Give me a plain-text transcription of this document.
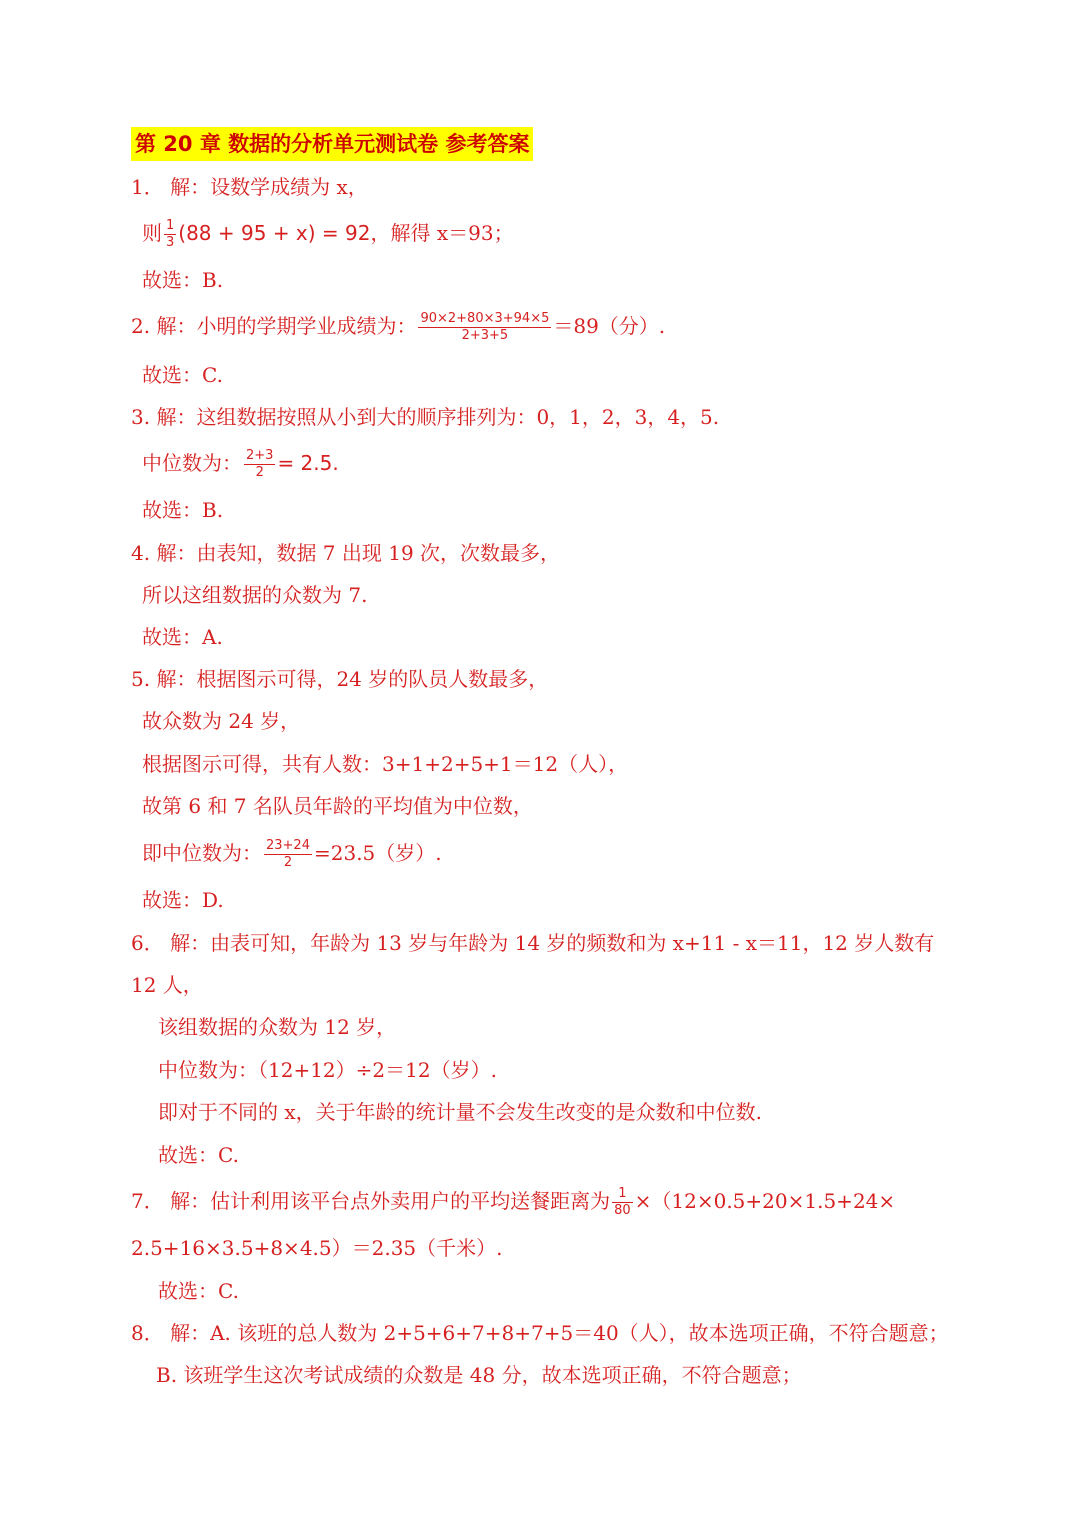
第 20 章 数据的分析单元测试卷 参考答案
1． 解：设数学成绩为 x，
则 $\frac{1}{3} (88 + 95 + x) = 92$，解得 x＝93；
故选：B.
2. 解：小明的学期学业成绩为： $\frac{90\times 2+80\times 3+94\times 5}{2+3+5} =89$（分）.
故选：C.
3. 解：这组数据按照从小到大的顺序排列为：0，1，2，3，4，5.
中位数为： $\frac{2+3}{2} = 2.5$.
故选：B.
4. 解：由表知，数据 7 出现 19 次，次数最多，
所以这组数据的众数为 7.
故选：A.
5. 解：根据图示可得，24 岁的队员人数最多，
故众数为 24 岁，
根据图示可得，共有人数：3+1+2+5+1＝12（人），
故第 6 和 7 名队员年龄的平均值为中位数，
即中位数为： $\frac{23+24}{2} =23.5$（岁）.
故选：D.
6． 解：由表可知，年龄为 13 岁与年龄为 14 岁的频数和为 x+11 - x＝11，12 岁人数有
12 人，
该组数据的众数为 12 岁，
中位数为：（12+12）÷2＝12（岁）.
即对于不同的 x，关于年龄的统计量不会发生改变的是众数和中位数.
故选：C.
7． 解：估计利用该平台点外卖用户的平均送餐距离为 $\frac{1}{80} \times(12\times 0.5+20\times 1.5+24\times$
2.5+16×3.5+8×4.5）＝2.35（千米）.
故选：C.
8． 解：A. 该班的总人数为 2+5+6+7+8+7+5＝40（人），故本选项正确，不符合题意；
B. 该班学生这次考试成绩的众数是 48 分，故本选项正确，不符合题意；
